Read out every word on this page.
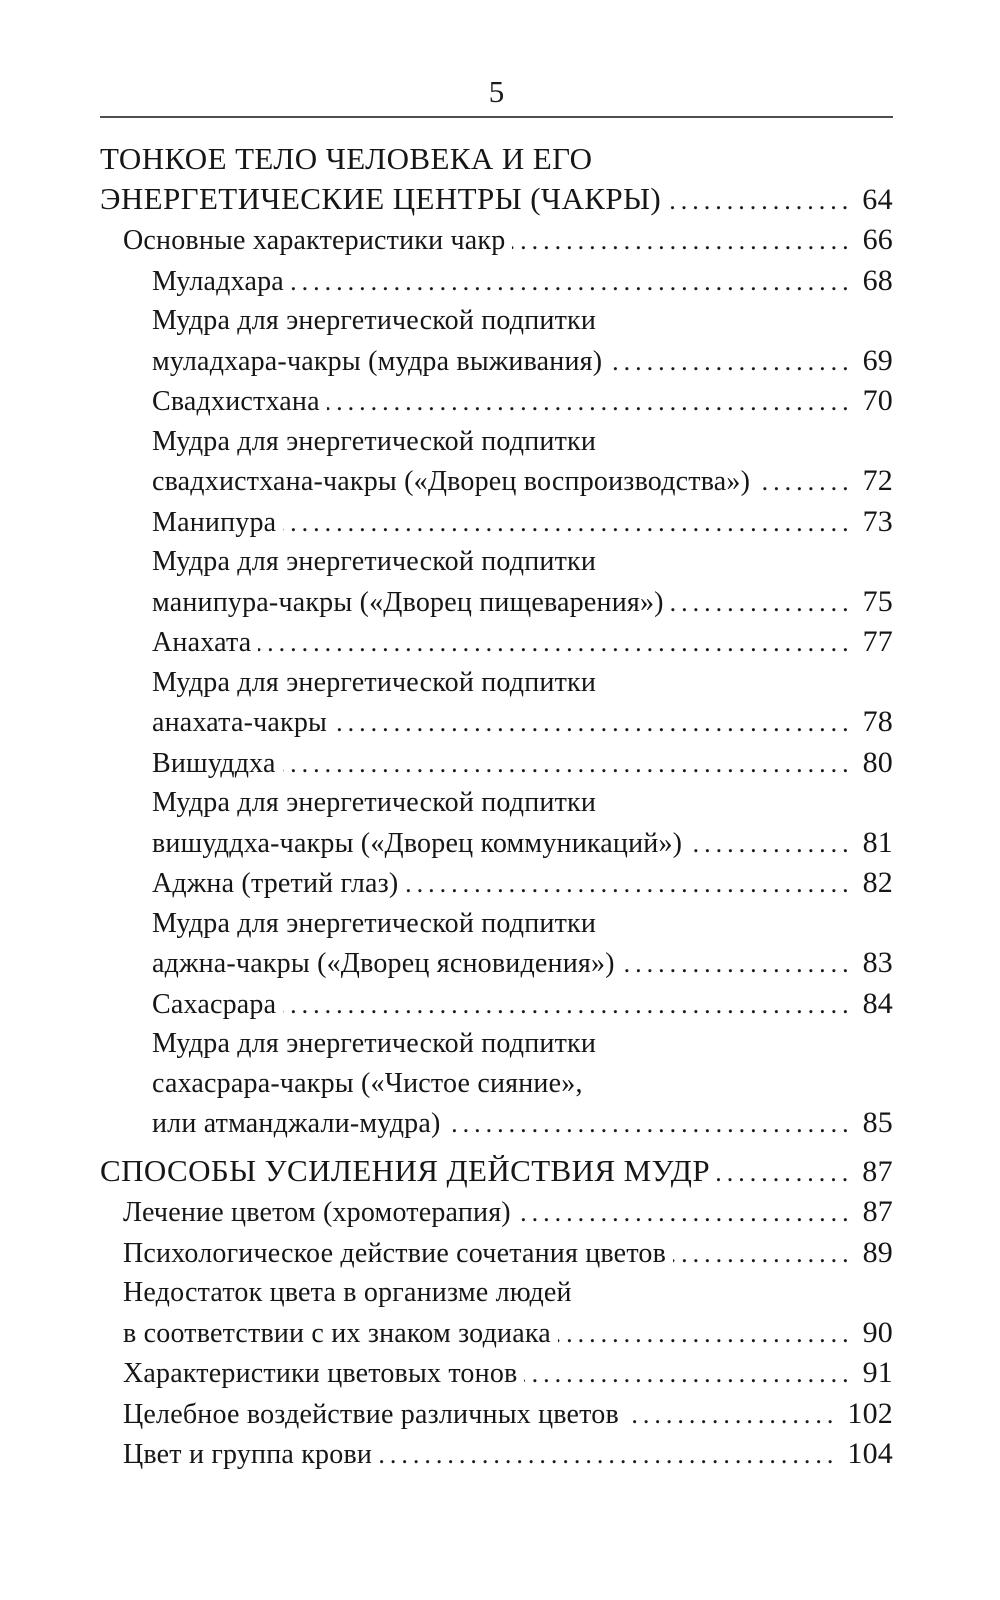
5
ТОНКОЕ ТЕЛО ЧЕЛОВЕКА И ЕГО
ЭНЕРГЕТИЧЕСКИЕ ЦЕНТРЫ (ЧАКРЫ) .....	64
Основные характеристики чакр .....	66
Муладхара .....	68
Мудра для энергетической подпитки
муладхара-чакры (мудра выживания) .....	69
Свадхистхана .....	70
Мудра для энергетической подпитки
свадхистхана-чакры («Дворец воспроизводства») .....	72
Манипура .....	73
Мудра для энергетической подпитки
манипура-чакры («Дворец пищеварения») .....	75
Анахата .....	77
Мудра для энергетической подпитки
анахата-чакры .....	78
Вишуддха .....	80
Мудра для энергетической подпитки
вишуддха-чакры («Дворец коммуникаций») .....	81
Аджна (третий глаз) .....	82
Мудра для энергетической подпитки
аджна-чакры («Дворец ясновидения») .....	83
Сахасрара .....	84
Мудра для энергетической подпитки
сахасрара-чакры («Чистое сияние»,
или атманджали-мудра) .....	85
СПОСОБЫ УСИЛЕНИЯ ДЕЙСТВИЯ МУДР .....	87
Лечение цветом (хромотерапия) .....	87
Психологическое действие сочетания цветов .....	89
Недостаток цвета в организме людей
в соответствии с их знаком зодиака .....	90
Характеристики цветовых тонов .....	91
Целебное воздействие различных цветов .....	102
Цвет и группа крови .....	104
